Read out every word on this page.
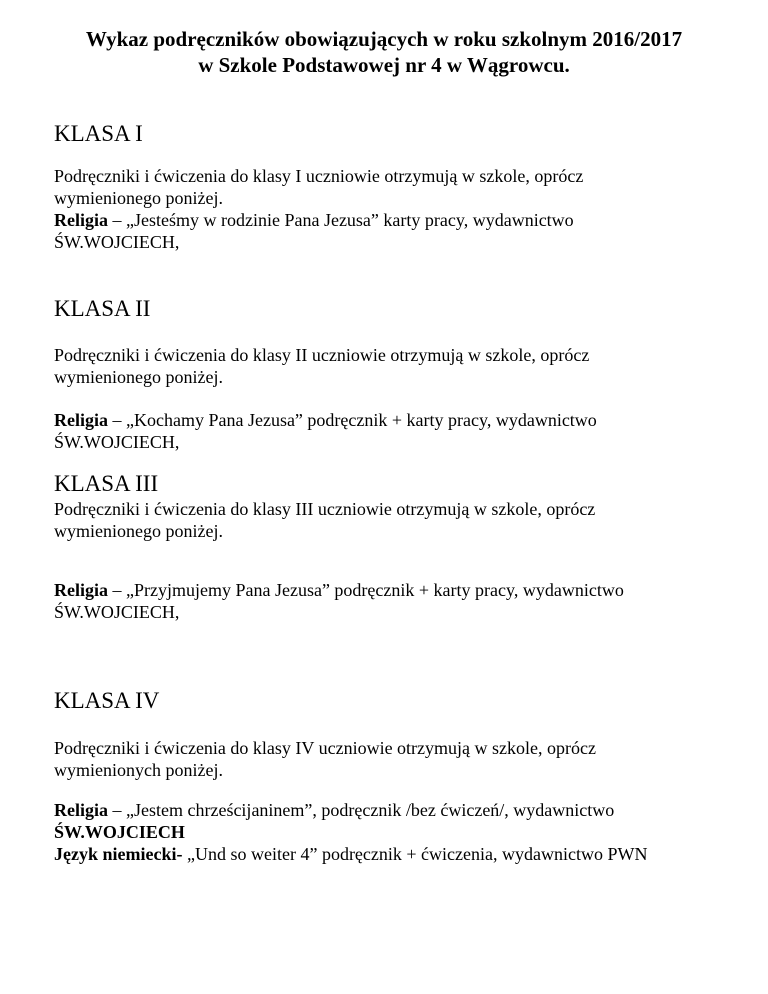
Wykaz podręczników obowiązujących w roku szkolnym 2016/2017
w Szkole Podstawowej nr 4 w Wągrowcu.
KLASA I
Podręczniki i ćwiczenia do klasy I uczniowie otrzymują w szkole, oprócz
wymienionego poniżej.
Religia – „Jesteśmy w rodzinie Pana Jezusa” karty pracy, wydawnictwo
ŚW.WOJCIECH,
KLASA II
Podręczniki i ćwiczenia do klasy II uczniowie otrzymują w szkole, oprócz
wymienionego poniżej.
Religia – „Kochamy Pana Jezusa” podręcznik + karty pracy, wydawnictwo
ŚW.WOJCIECH,
KLASA III
Podręczniki i ćwiczenia do klasy III uczniowie otrzymują w szkole, oprócz
wymienionego poniżej.
Religia – „Przyjmujemy Pana Jezusa” podręcznik + karty pracy, wydawnictwo
ŚW.WOJCIECH,
KLASA IV
Podręczniki i ćwiczenia do klasy IV uczniowie otrzymują w szkole, oprócz
wymienionych poniżej.
Religia – „Jestem chrześcijaninem”, podręcznik /bez ćwiczeń/, wydawnictwo
ŚW.WOJCIECH
Język niemiecki- „Und so weiter 4” podręcznik + ćwiczenia, wydawnictwo PWN
